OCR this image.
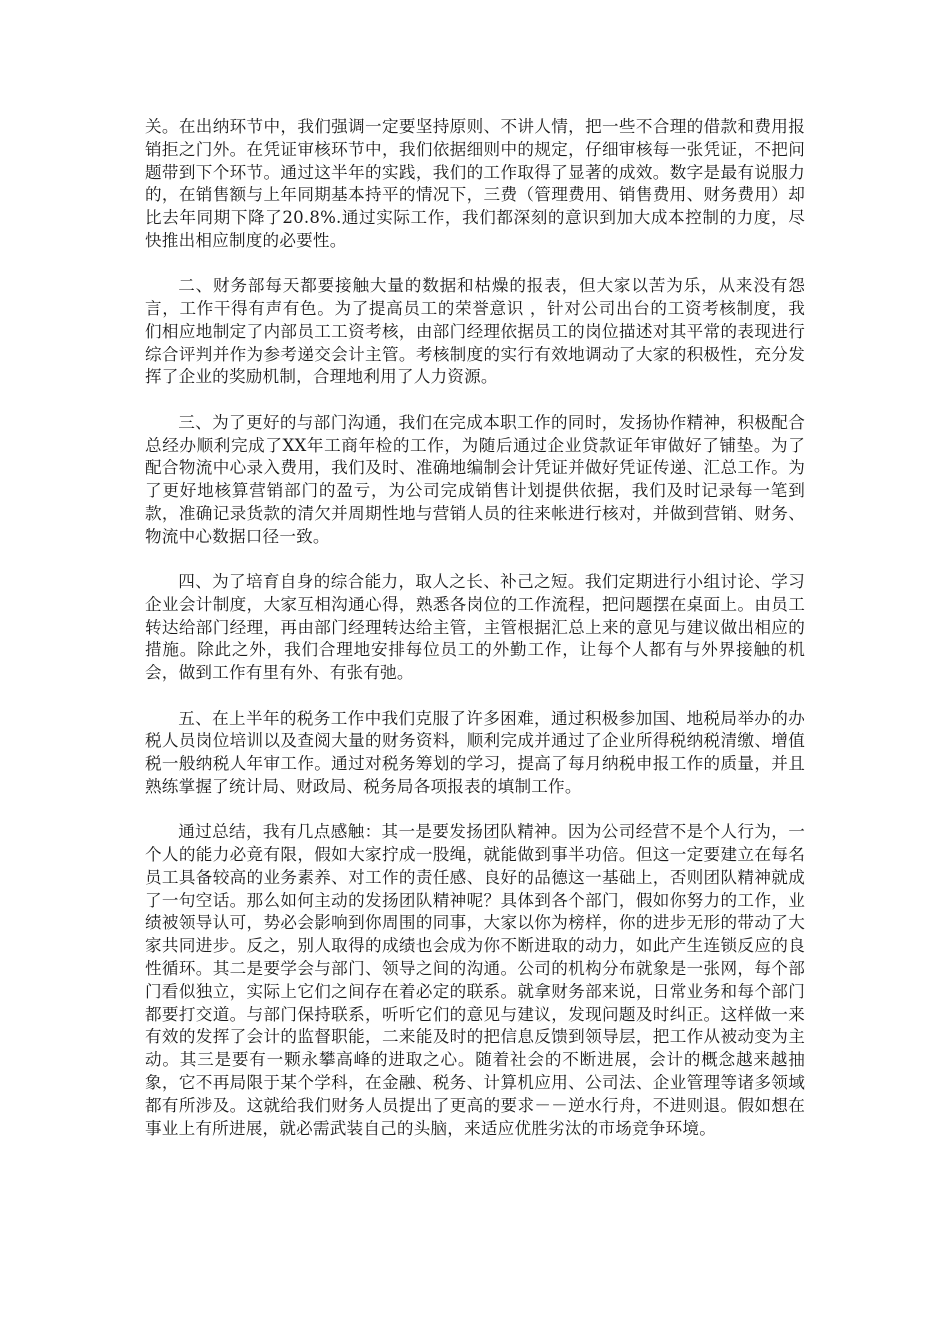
关。在出纳环节中，我们强调一定要坚持原则、不讲人情，把一些不合理的借款和费用报销拒之门外。在凭证审核环节中，我们依据细则中的规定，仔细审核每一张凭证，不把问题带到下个环节。通过这半年的实践，我们的工作取得了显著的成效。数字是最有说服力的，在销售额与上年同期基本持平的情况下，三费（管理费用、销售费用、财务费用）却比去年同期下降了20.8%.通过实际工作，我们都深刻的意识到加大成本控制的力度，尽快推出相应制度的必要性。

二、财务部每天都要接触大量的数据和枯燥的报表，但大家以苦为乐，从来没有怨言，工作干得有声有色。为了提高员工的荣誉意识 ，针对公司出台的工资考核制度，我们相应地制定了内部员工工资考核，由部门经理依据员工的岗位描述对其平常的表现进行综合评判并作为参考递交会计主管。考核制度的实行有效地调动了大家的积极性，充分发挥了企业的奖励机制，合理地利用了人力资源。

三、为了更好的与部门沟通，我们在完成本职工作的同时，发扬协作精神，积极配合总经办顺利完成了XX年工商年检的工作，为随后通过企业贷款证年审做好了铺垫。为了配合物流中心录入费用，我们及时、准确地编制会计凭证并做好凭证传递、汇总工作。为了更好地核算营销部门的盈亏，为公司完成销售计划提供依据，我们及时记录每一笔到款，准确记录货款的清欠并周期性地与营销人员的往来帐进行核对，并做到营销、财务、物流中心数据口径一致。

四、为了培育自身的综合能力，取人之长、补己之短。我们定期进行小组讨论、学习企业会计制度，大家互相沟通心得，熟悉各岗位的工作流程，把问题摆在桌面上。由员工转达给部门经理，再由部门经理转达给主管，主管根据汇总上来的意见与建议做出相应的措施。除此之外，我们合理地安排每位员工的外勤工作，让每个人都有与外界接触的机会，做到工作有里有外、有张有弛。

五、在上半年的税务工作中我们克服了许多困难，通过积极参加国、地税局举办的办税人员岗位培训以及查阅大量的财务资料，顺利完成并通过了企业所得税纳税清缴、增值税一般纳税人年审工作。通过对税务筹划的学习，提高了每月纳税申报工作的质量，并且熟练掌握了统计局、财政局、税务局各项报表的填制工作。

通过总结，我有几点感触：其一是要发扬团队精神。因为公司经营不是个人行为，一个人的能力必竟有限，假如大家拧成一股绳，就能做到事半功倍。但这一定要建立在每名员工具备较高的业务素养、对工作的责任感、良好的品德这一基础上，否则团队精神就成了一句空话。那么如何主动的发扬团队精神呢？具体到各个部门，假如你努力的工作，业绩被领导认可，势必会影响到你周围的同事，大家以你为榜样，你的进步无形的带动了大家共同进步。反之，别人取得的成绩也会成为你不断进取的动力，如此产生连锁反应的良性循环。其二是要学会与部门、领导之间的沟通。公司的机构分布就象是一张网，每个部门看似独立，实际上它们之间存在着必定的联系。就拿财务部来说，日常业务和每个部门都要打交道。与部门保持联系，听听它们的意见与建议，发现问题及时纠正。这样做一来有效的发挥了会计的监督职能，二来能及时的把信息反馈到领导层，把工作从被动变为主动。其三是要有一颗永攀高峰的进取之心。随着社会的不断进展，会计的概念越来越抽象，它不再局限于某个学科，在金融、税务、计算机应用、公司法、企业管理等诸多领域都有所涉及。这就给我们财务人员提出了更高的要求－－逆水行舟，不进则退。假如想在事业上有所进展，就必需武装自己的头脑，来适应优胜劣汰的市场竞争环境。
